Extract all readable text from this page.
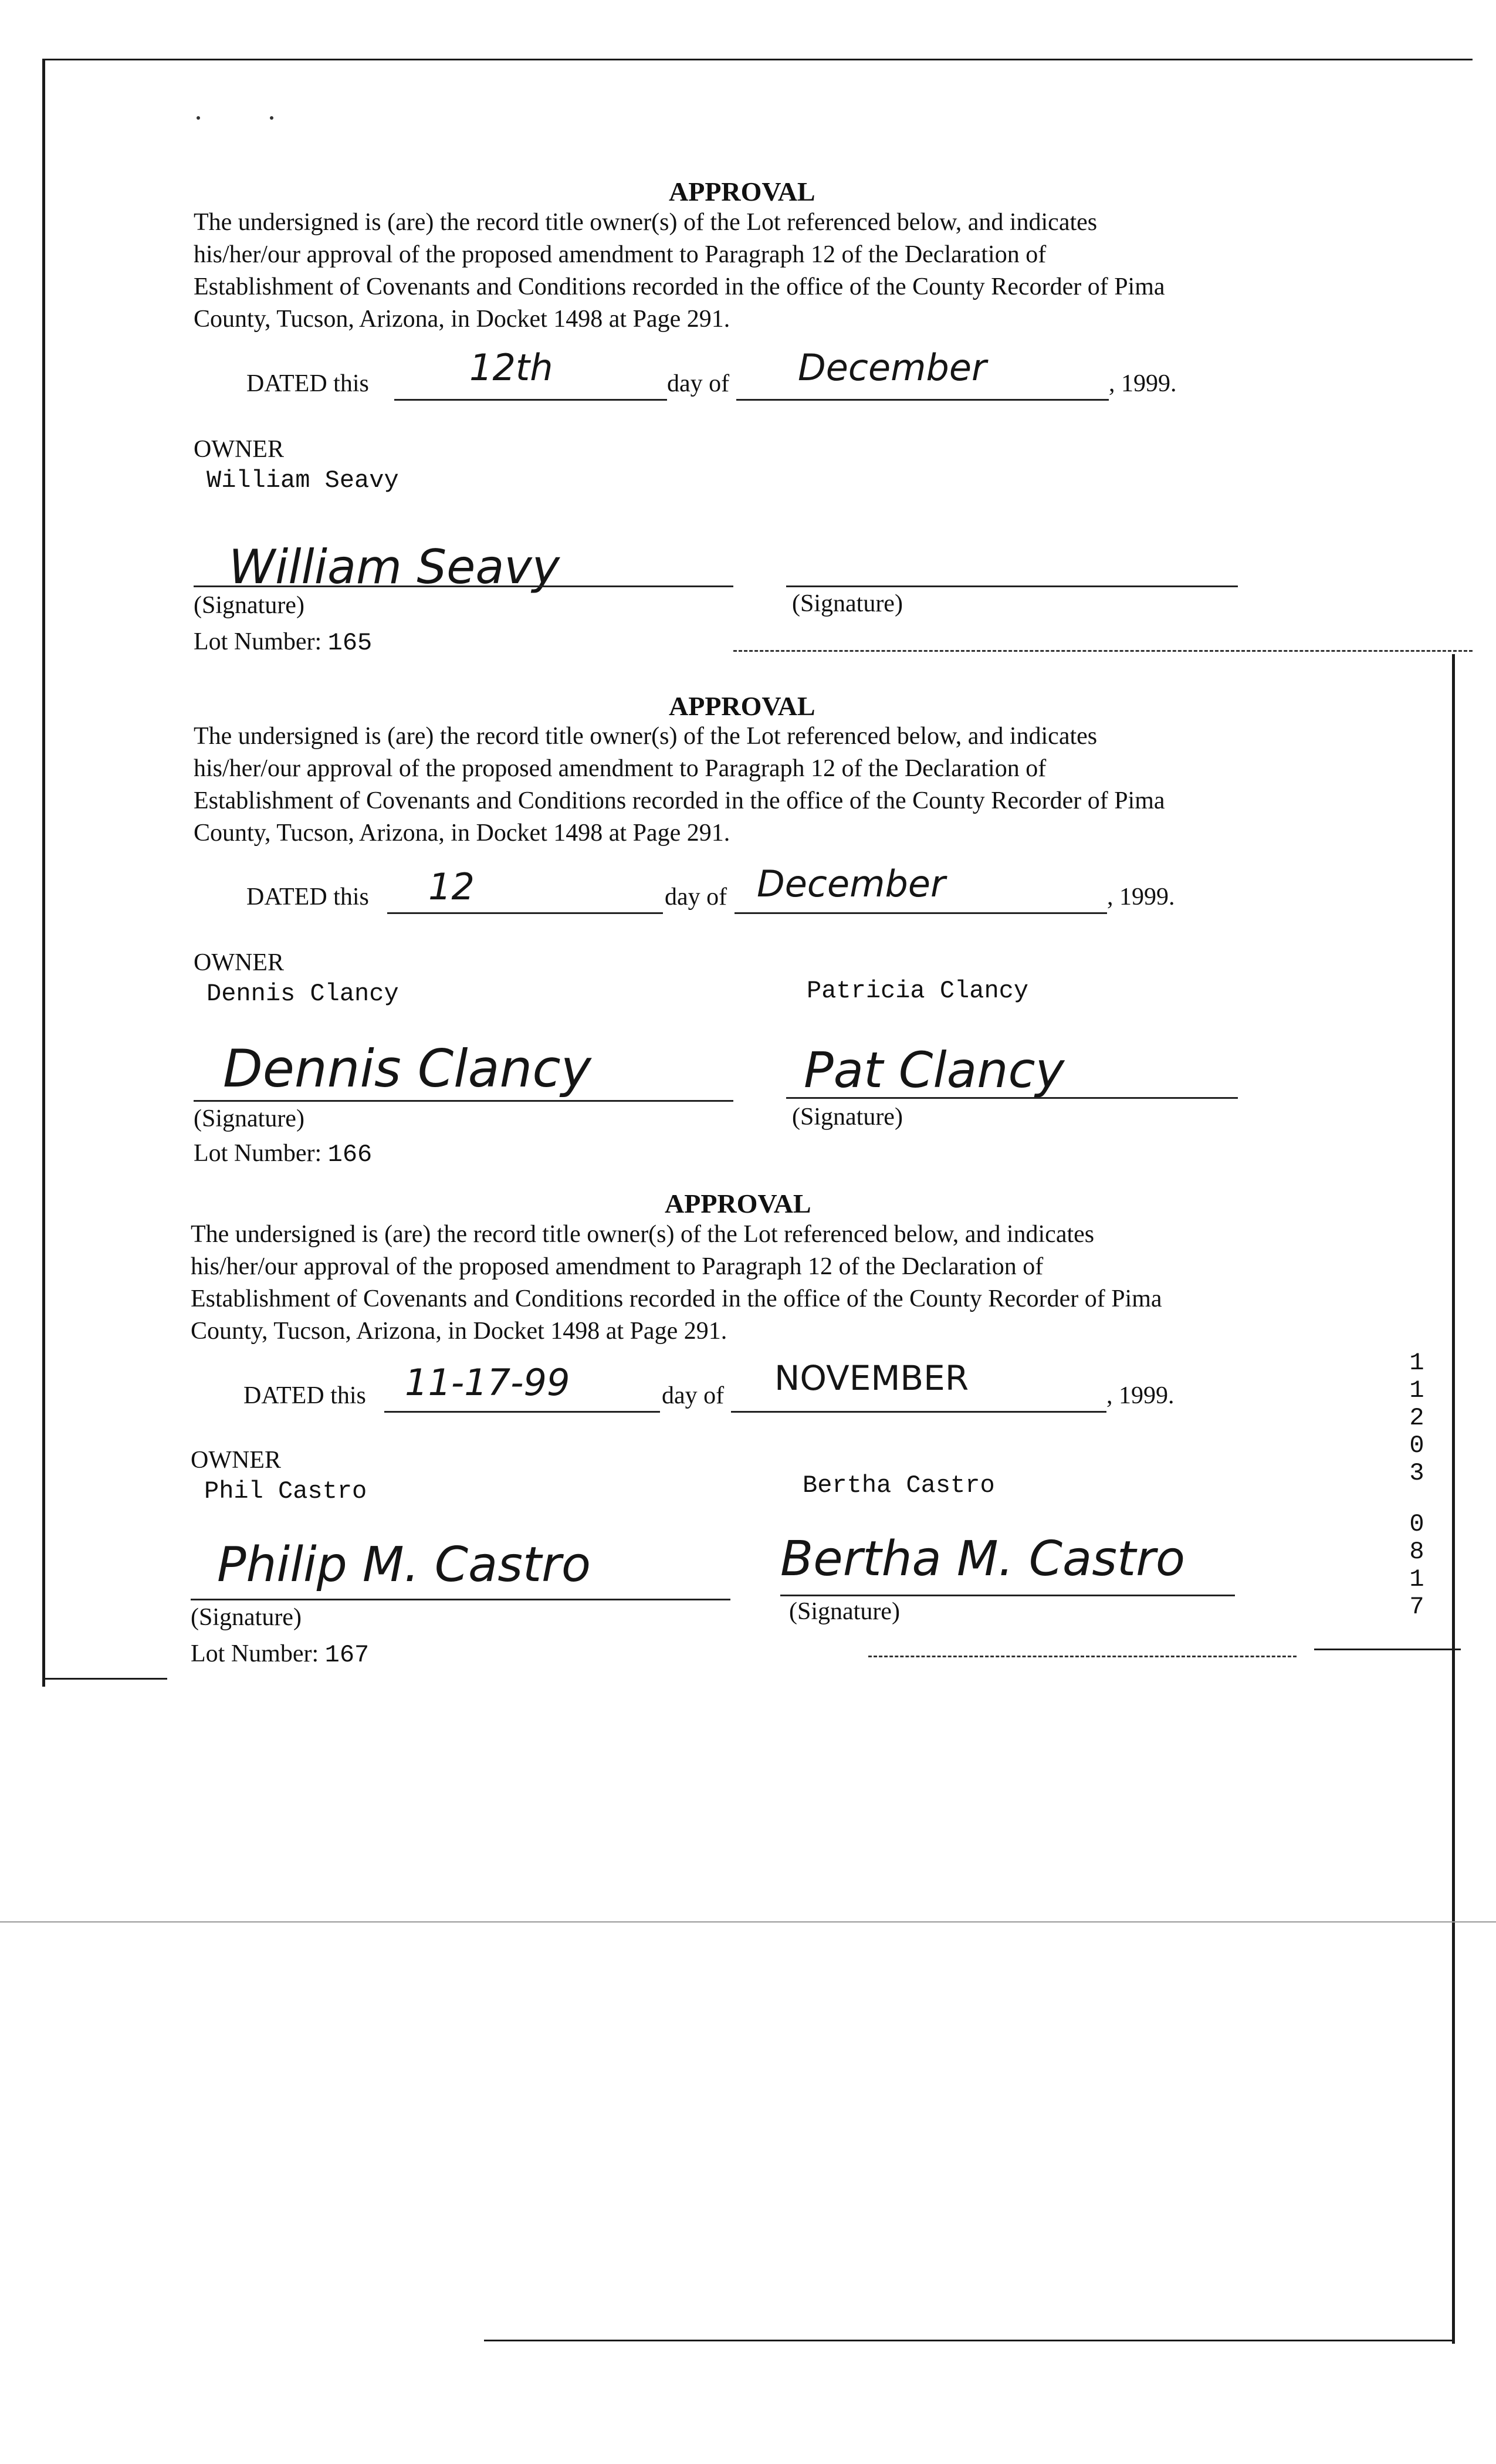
APPROVAL
The undersigned is (are) the record title owner(s) of the Lot referenced below, and indicates
his/her/our approval of the proposed amendment to Paragraph 12 of the Declaration of
Establishment of Covenants and Conditions recorded in the office of the County Recorder of Pima
County, Tucson, Arizona, in Docket 1498 at Page 291.
DATED this	12th	day of December	, 1999.
OWNER
William Seavy
William Seavy
(Signature)	(Signature)
Lot Number: 165
APPROVAL
The undersigned is (are) the record title owner(s) of the Lot referenced below, and indicates
his/her/our approval of the proposed amendment to Paragraph 12 of the Declaration of
Establishment of Covenants and Conditions recorded in the office of the County Recorder of Pima
County, Tucson, Arizona, in Docket 1498 at Page 291.
DATED this 12	day of December	, 1999.
OWNER
Dennis Clancy	Patricia Clancy
Dennis Clancy	Pat Clancy
(Signature)	(Signature)
Lot Number: 166
APPROVAL
The undersigned is (are) the record title owner(s) of the Lot referenced below, and indicates
his/her/our approval of the proposed amendment to Paragraph 12 of the Declaration of
Establishment of Covenants and Conditions recorded in the office of the County Recorder of Pima
County, Tucson, Arizona, in Docket 1498 at Page 291.
DATED this 11-17-99	day of NOVEMBER	, 1999.
OWNER
Phil Castro	Bertha Castro
Philip M. Castro	Bertha M. Castro
(Signature)	(Signature)
Lot Number: 167
1
1
2
0
3
0
8
1
7
